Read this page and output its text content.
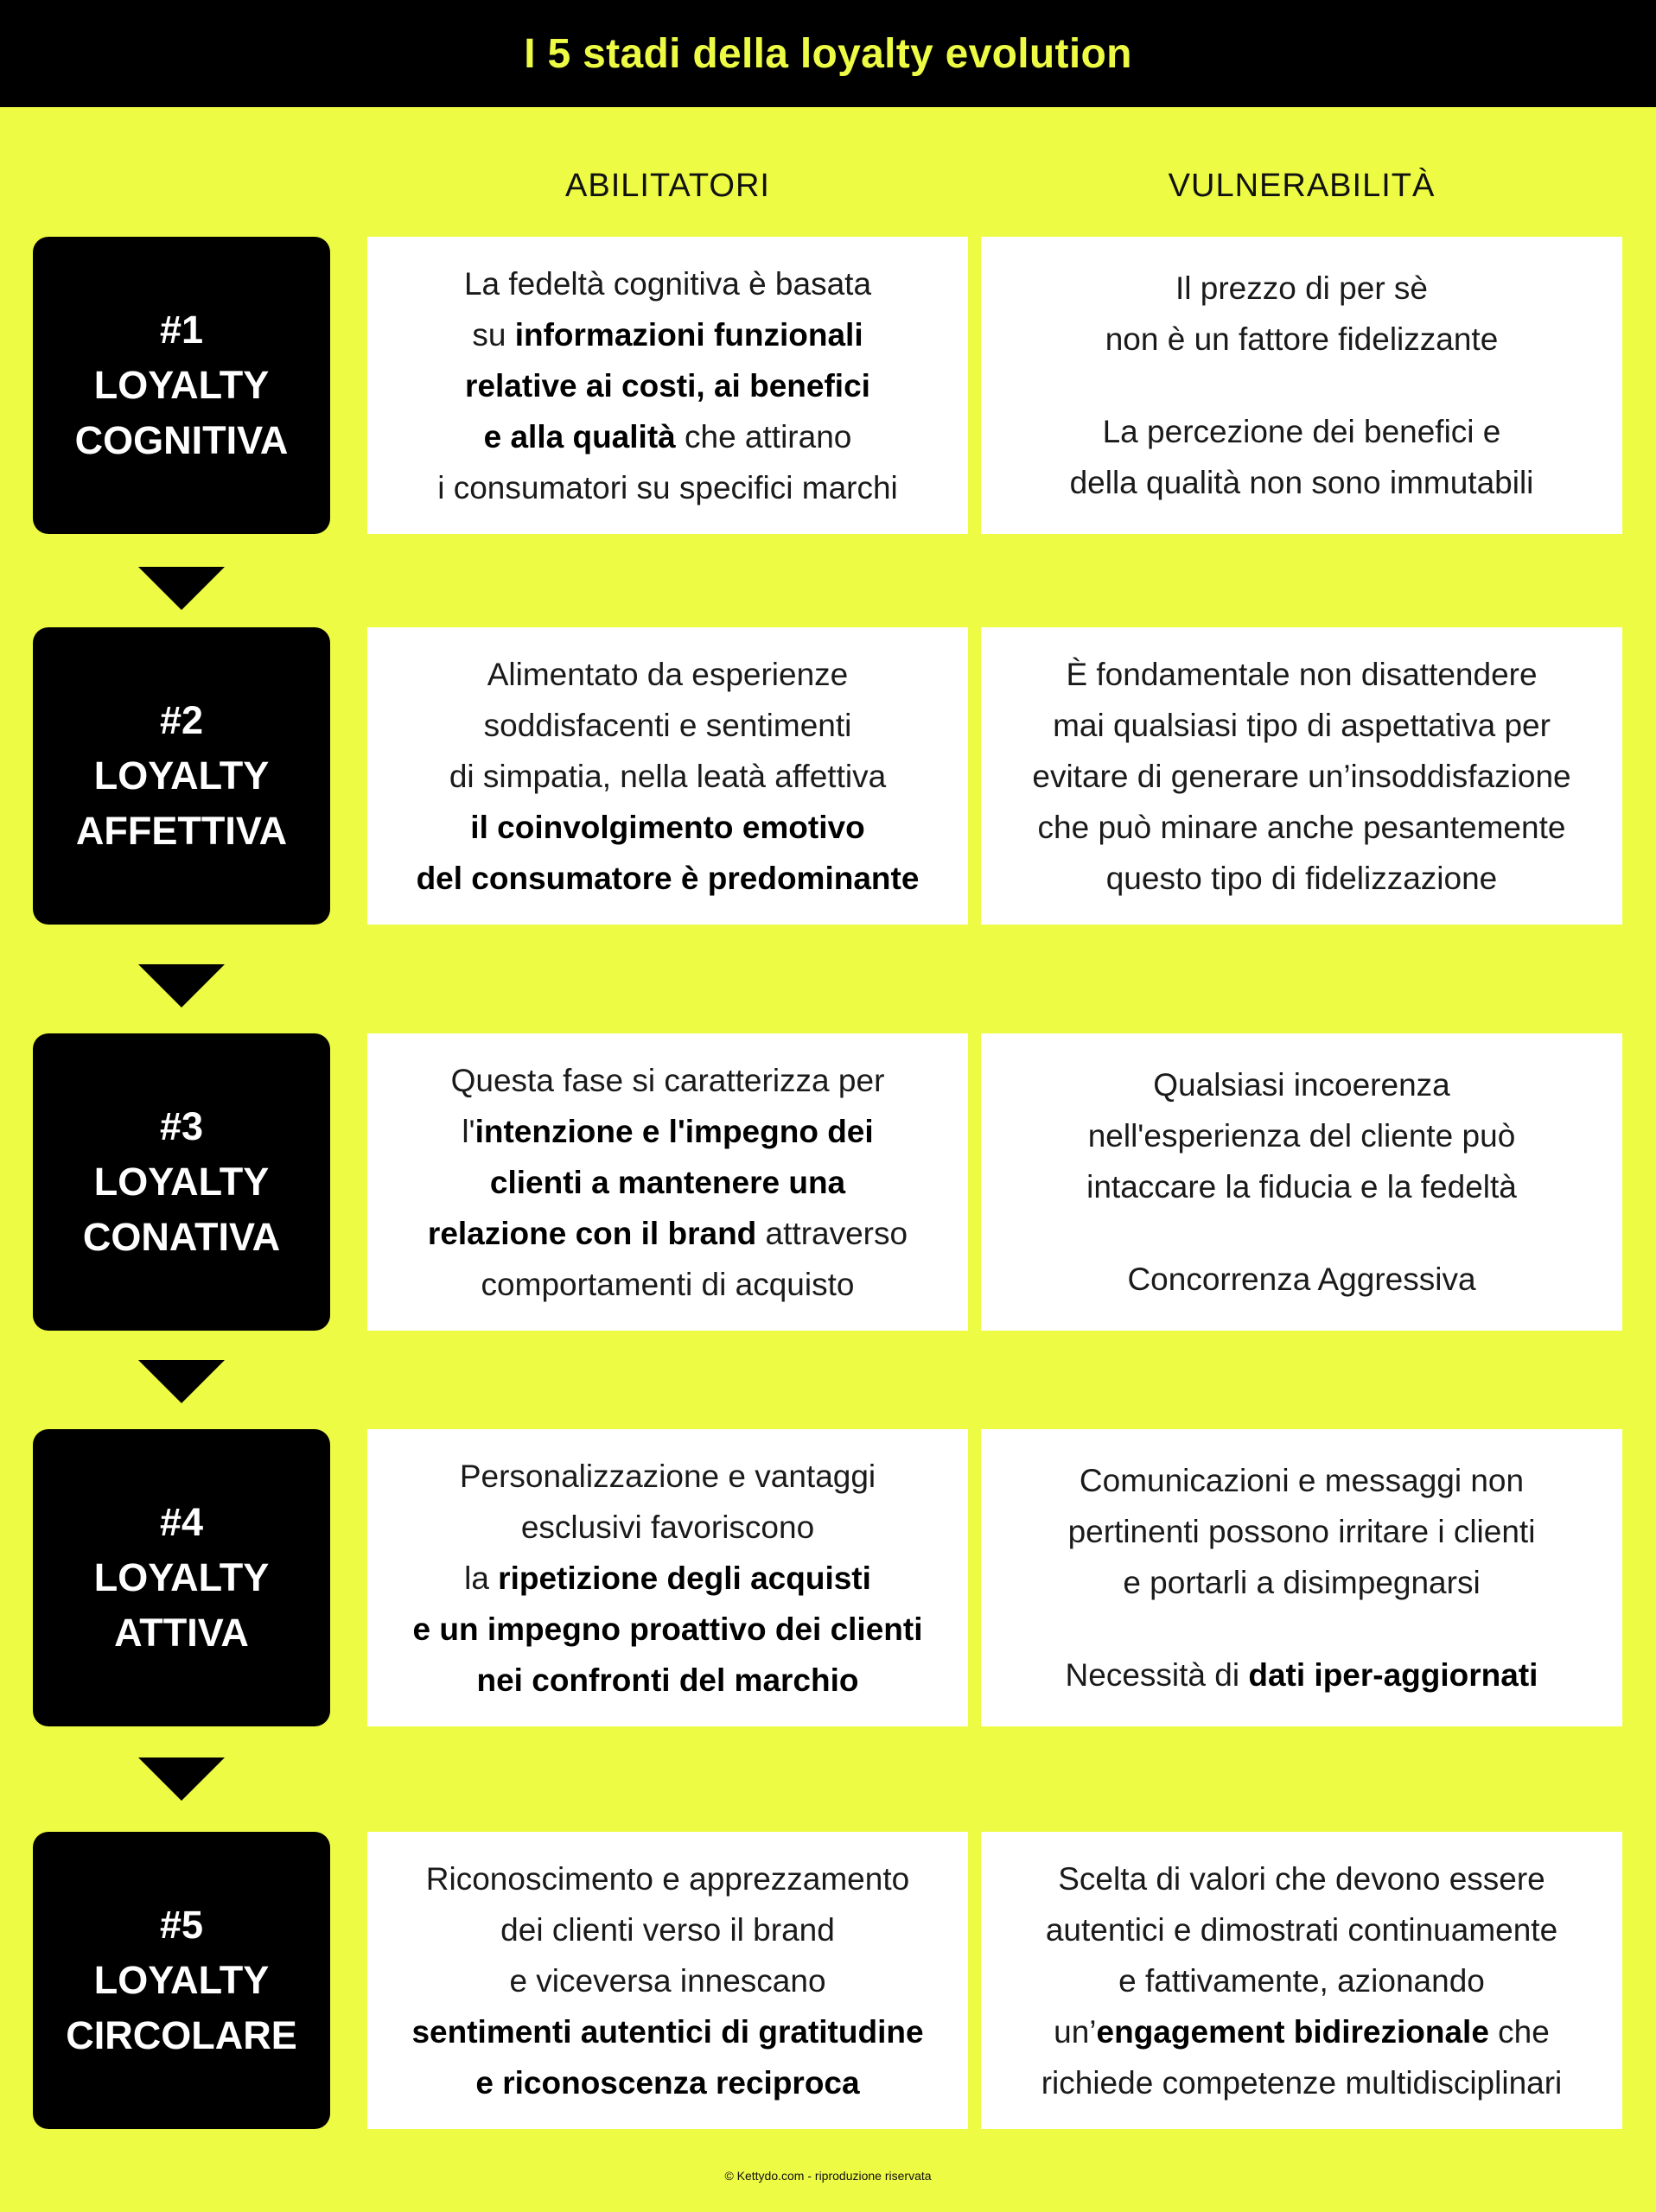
I 5 stadi della loyalty evolution
ABILITATORI	VULNERABILITÀ
#1
LOYALTY
COGNITIVA
La fedeltà cognitiva è basata
su informazioni funzionali
relative ai costi, ai benefici
e alla qualità che attirano
i consumatori su specifici marchi
Il prezzo di per sè
non è un fattore fidelizzante
La percezione dei benefici e
della qualità non sono immutabili
#2
LOYALTY
AFFETTIVA
Alimentato da esperienze
soddisfacenti e sentimenti
di simpatia, nella leatà affettiva
il coinvolgimento emotivo
del consumatore è predominante
È fondamentale non disattendere
mai qualsiasi tipo di aspettativa per
evitare di generare un’insoddisfazione
che può minare anche pesantemente
questo tipo di fidelizzazione
#3
LOYALTY
CONATIVA
Questa fase si caratterizza per
l'intenzione e l'impegno dei
clienti a mantenere una
relazione con il brand attraverso
comportamenti di acquisto
Qualsiasi incoerenza
nell'esperienza del cliente può
intaccare la fiducia e la fedeltà
Concorrenza Aggressiva
#4
LOYALTY
ATTIVA
Personalizzazione e vantaggi
esclusivi favoriscono
la ripetizione degli acquisti
e un impegno proattivo dei clienti
nei confronti del marchio
Comunicazioni e messaggi non
pertinenti possono irritare i clienti
e portarli a disimpegnarsi
Necessità di dati iper-aggiornati
#5
LOYALTY
CIRCOLARE
Riconoscimento e apprezzamento
dei clienti verso il brand
e viceversa innescano
sentimenti autentici di gratitudine
e riconoscenza reciproca
Scelta di valori che devono essere
autentici e dimostrati continuamente
e fattivamente, azionando
un’engagement bidirezionale che
richiede competenze multidisciplinari
© Kettydo.com - riproduzione riservata
